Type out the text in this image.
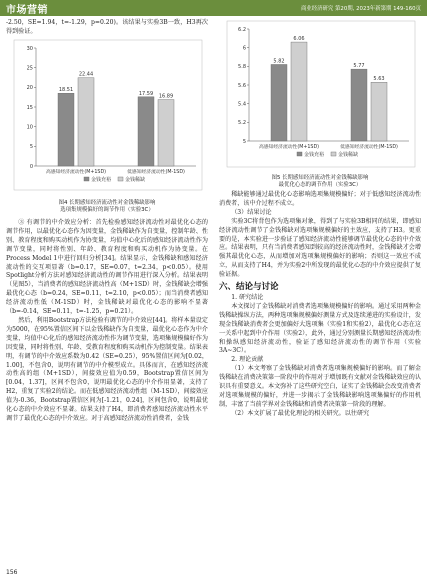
市场营销	商业经济研究 第20期, 2023年新第期 149-160页

-2.50，SE=1.94，t=-1.29，p=0.20)。该结果与实验3B一致，H3再次得到验证。

0
5
10
15
20
25
30
18.51
22.44
高感知经济流动性(M+1SD)
17.59 16.89
低感知经济流动性(M-1SD)
金钱充裕	金钱稀缺
图4 长期感知经济流动性对金钱稀缺影响
选项集规模偏好的调节作用（实验3C）

③ 有调节的中介效应分析：首先检验感知经济流动性对最优化心态的调节作用，以最优化心态作为因变量，金钱稀缺作为自变量，控制年龄、性别、教育程度和购买动机作为协变量，均值中心化后的感知经济流动性作为调节变量，同时将性别、年龄、教育程度和购买动机作为协变量。在Process Model 1中进行回归分析[34]。结果显示，金钱稀缺和感知经济流动性的交互项显著（b=0.17，SE=0.07，t=2.34，p<0.05）。使用Spotlight分析方法对感知经济流动性的调节作用进行深入分析。结果表明（见图5），当消费者的感知经济流动性高（M+1SD）时，金钱稀缺会增强最优化心态（b=0.24，SE=0.11，t=2.10，p<0.05）；而当消费者感知经济流动性低（M-1SD）时，金钱稀缺对最优化心态的影响不显著（b=-0.14，SE=0.11，t=-1.25，p=0.21）。

然后，利用Bootstrap方法检验有调节的中介效应[44]。将样本量设定为5000，在95%置信区间下以金钱稀缺作为自变量，最优化心态作为中介变量，均值中心化后的感知经济流动性作为调节变量，选项集规模偏好作为因变量，同时将性别、年龄、受教育程度和购买动机作为控制变量。结果表明，有调节的中介效应系数为0.42（SE=0.25），95%置信区间为[0.02，1.00]，不包含0，说明有调节的中介模型成立。具体而言，在感知经济流动性高的组（M+1SD），间接效应值为0.59，Bootstrap置信区间为[0.04，1.37]，区间不包含0，说明最优化心态的中介作用显著，支持了H2，重复了实验2的结论。而在低感知经济流动性组（M-1SD），间接效应值为-0.36，Bootstrap置信区间为[-1.21，0.24]，区间包含0，说明最优化心态的中介效应不显著。结果支持了H4，即消费者感知经济流动性水平调节了最优化心态的中介效应。对于高感知经济流动性消费者，金钱

5
5.2
5.4
5.6
5.8
6
6.2
5.82
6.06
高感知经济流动性(M+1SD)
5.77
5.63
低感知经济流动性(M-1SD)
金钱充裕	金钱稀缺
图5 长期感知经济流动性对金钱稀缺影响
最优化心态的调节作用（实验3C）

稀缺能够通过最优化心态影响选项集规模偏好；对于低感知经济流动性消费者，该中介过程不成立。

（3）结果讨论

实验3C将背包作为选项集对象，得到了与实验3B相同的结果，即感知经济流动性调节了金钱稀缺对选项集规模偏好的主效应，支持了H3。更重要的是，本实验进一步验证了感知经济流动性能够调节最优化心态的中介效应。结果表明，只有当消费者感知到较高的经济流动性时，金钱稀缺才会增强其最优化心态，从而增加对选项集规模偏好的影响；否则这一效应不成立，从而支持了H4，并为实验2中所发现的最优化心态的中介效应提供了复验证据。

六、结论与讨论

1. 研究结论

本文探讨了金钱稀缺对消费者选项集规模偏好的影响。通过采用两种金钱稀缺操纵方法，两种选项集规模偏好测量方式及连续递进的实验设计，发现金钱稀缺消费者会更加偏好大选项集（实验1和实验2），最优化心态在这一关系中起到中介作用（实验2），此外，通过分别测量长期感知经济流动性和操纵感知经济流动性，验证了感知经济流动性的调节作用（实验3A~3C）。

2. 理论贡献

（1）本文考察了金钱稀缺对消费者选项集规模偏好的影响。而了解金钱稀缺在消费决策第一阶段中的作用对于增加既有文献对金钱稀缺效应的认识具有重要意义。本文弥补了这些研究空白，证实了金钱稀缺会改变消费者对选项集规模的偏好，并进一步揭示了金钱稀缺影响选项集偏好的作用机制，丰富了当前学界对金钱稀缺和消费者决策第一阶段的理解。

（2）本文扩展了最优化理论的相关研究。以往研究

156
